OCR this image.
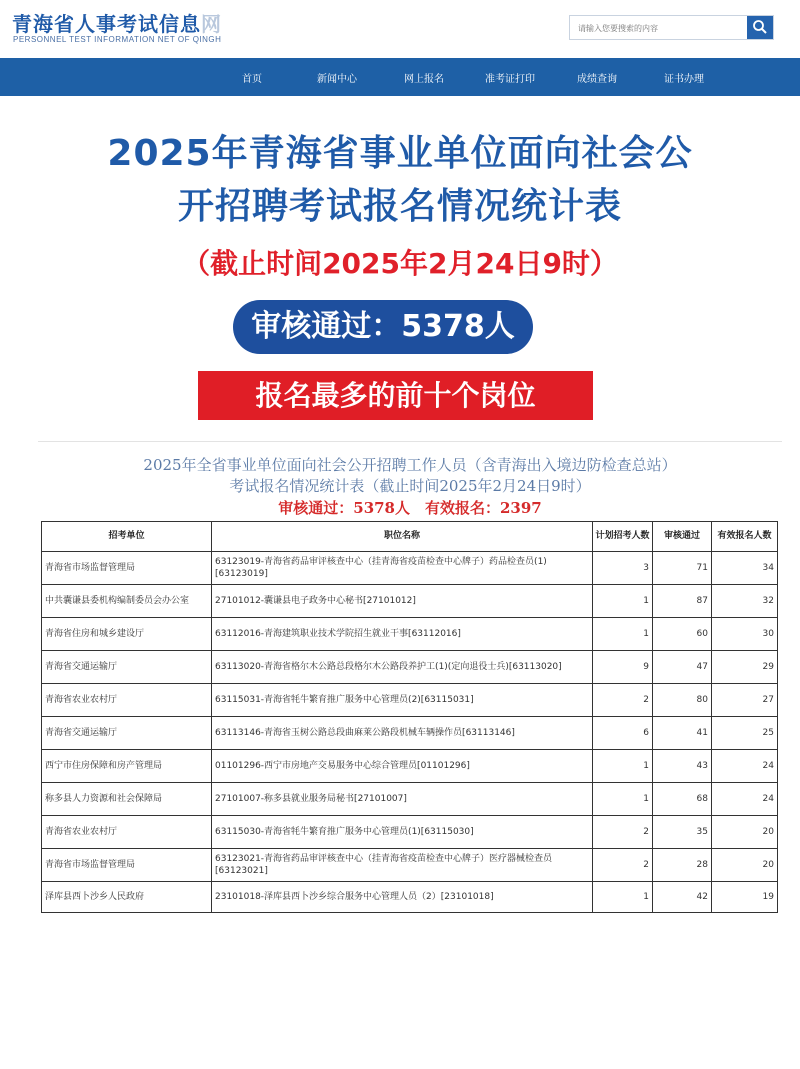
青海省人事考试信息网
PERSONNEL TEST INFORMATION NET OF QINGH
请输入您要搜索的内容
首页	新闻中心	网上报名	准考证打印	成绩查询	证书办理
2025年青海省事业单位面向社会公
开招聘考试报名情况统计表
（截止时间2025年2月24日9时）
审核通过：5378人
报名最多的前十个岗位
2025年全省事业单位面向社会公开招聘工作人员（含青海出入境边防检查总站）
考试报名情况统计表（截止时间2025年2月24日9时）
审核通过：5378人　有效报名：2397
招考单位	职位名称	计划招考人数	审核通过	有效报名人数
青海省市场监督管理局	63123019-青海省药品审评核查中心（挂青海省疫苗检查中心牌子）药品检查员(1)[63123019]	3	71	34
中共囊谦县委机构编制委员会办公室	27101012-囊谦县电子政务中心秘书[27101012]	1	87	32
青海省住房和城乡建设厅	63112016-青海建筑职业技术学院招生就业干事[63112016]	1	60	30
青海省交通运输厅	63113020-青海省格尔木公路总段格尔木公路段养护工(1)(定向退役士兵)[63113020]	9	47	29
青海省农业农村厅	63115031-青海省牦牛繁育推广服务中心管理员(2)[63115031]	2	80	27
青海省交通运输厅	63113146-青海省玉树公路总段曲麻莱公路段机械车辆操作员[63113146]	6	41	25
西宁市住房保障和房产管理局	01101296-西宁市房地产交易服务中心综合管理员[01101296]	1	43	24
称多县人力资源和社会保障局	27101007-称多县就业服务局秘书[27101007]	1	68	24
青海省农业农村厅	63115030-青海省牦牛繁育推广服务中心管理员(1)[63115030]	2	35	20
青海省市场监督管理局	63123021-青海省药品审评核查中心（挂青海省疫苗检查中心牌子）医疗器械检查员[63123021]	2	28	20
泽库县西卜沙乡人民政府	23101018-泽库县西卜沙乡综合服务中心管理人员（2）[23101018]	1	42	19
